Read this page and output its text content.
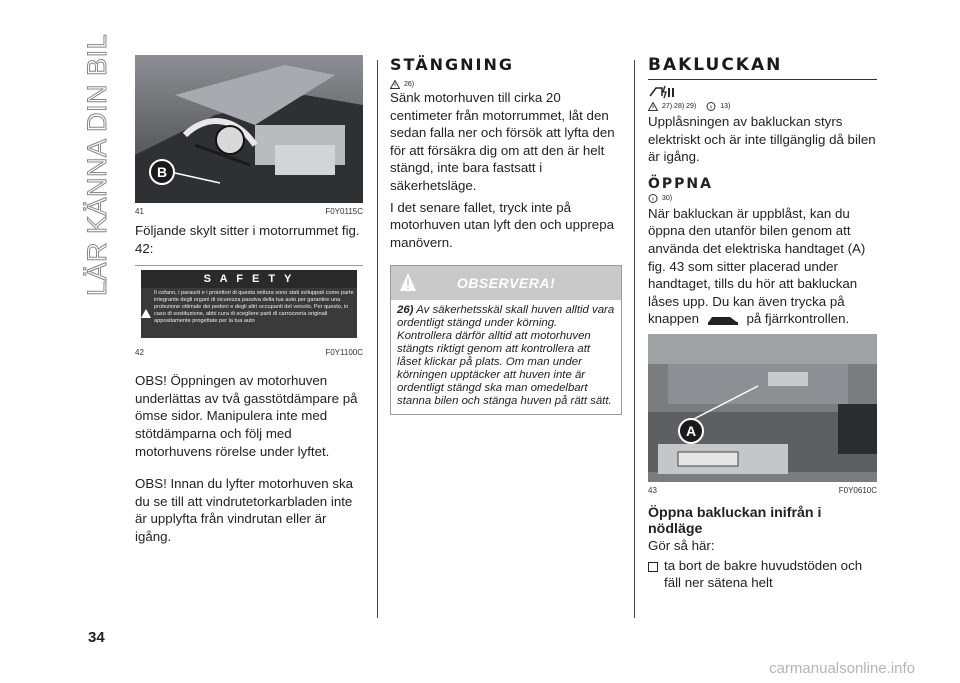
LÄR KÄNNA DIN BIL
34
B
41	F0Y0115C

Följande skylt sitter i motorrummet fig. 42:

S A F E T Y
Il cofano, i paraurti e i proiettori di questa vettura sono stati sviluppati come parte integrante degli organi di sicurezza passiva della tua auto per garantire una protezione ottimale dei pedoni e degli altri occupanti del veicolo. Per questo, in caso di sostituzione, abbi cura di scegliere parti di carrozzeria originali appositamente progettate per la tua auto
42	F0Y1100C

OBS! Öppningen av motorhuven underlättas av två gasstötdämpare på ömse sidor. Manipulera inte med stötdämparna och följ med motorhuvens rörelse under lyftet.

OBS! Innan du lyfter motorhuven ska du se till att vindrutetorkarbladen inte är upplyfta från vindrutan eller är igång.

STÄNGNING
26)

Sänk motorhuven till cirka 20 centimeter från motorrummet, låt den sedan falla ner och försök att lyfta den för att försäkra dig om att den är helt stängd, inte bara fastsatt i säkerhetsläge.

I det senare fallet, tryck inte på motorhuven utan lyft den och upprepa manövern.

OBSERVERA!
26) Av säkerhetsskäl skall huven alltid vara ordentligt stängd under körning. Kontrollera därför alltid att motorhuven stängts riktigt genom att kontrollera att låset klickar på plats. Om man under körningen upptäcker att huven inte är ordentligt stängd ska man omedelbart stanna bilen och stänga huven på rätt sätt.
BAKLUCKAN
27) 28) 29)	13)

Upplåsningen av bakluckan styrs elektriskt och är inte tillgänglig då bilen är igång.

ÖPPNA
30)

När bakluckan är uppblåst, kan du öppna den utanför bilen genom att använda det elektriska handtaget (A) fig. 43 som sitter placerad under handtaget, tills du hör att bakluckan låses upp. Du kan även trycka på knappen	på fjärrkontrollen.

A
43	F0Y0610C
Öppna bakluckan inifrån i nödläge

Gör så här:

ta bort de bakre huvudstöden och fäll ner sätena helt
carmanualsonline.info
